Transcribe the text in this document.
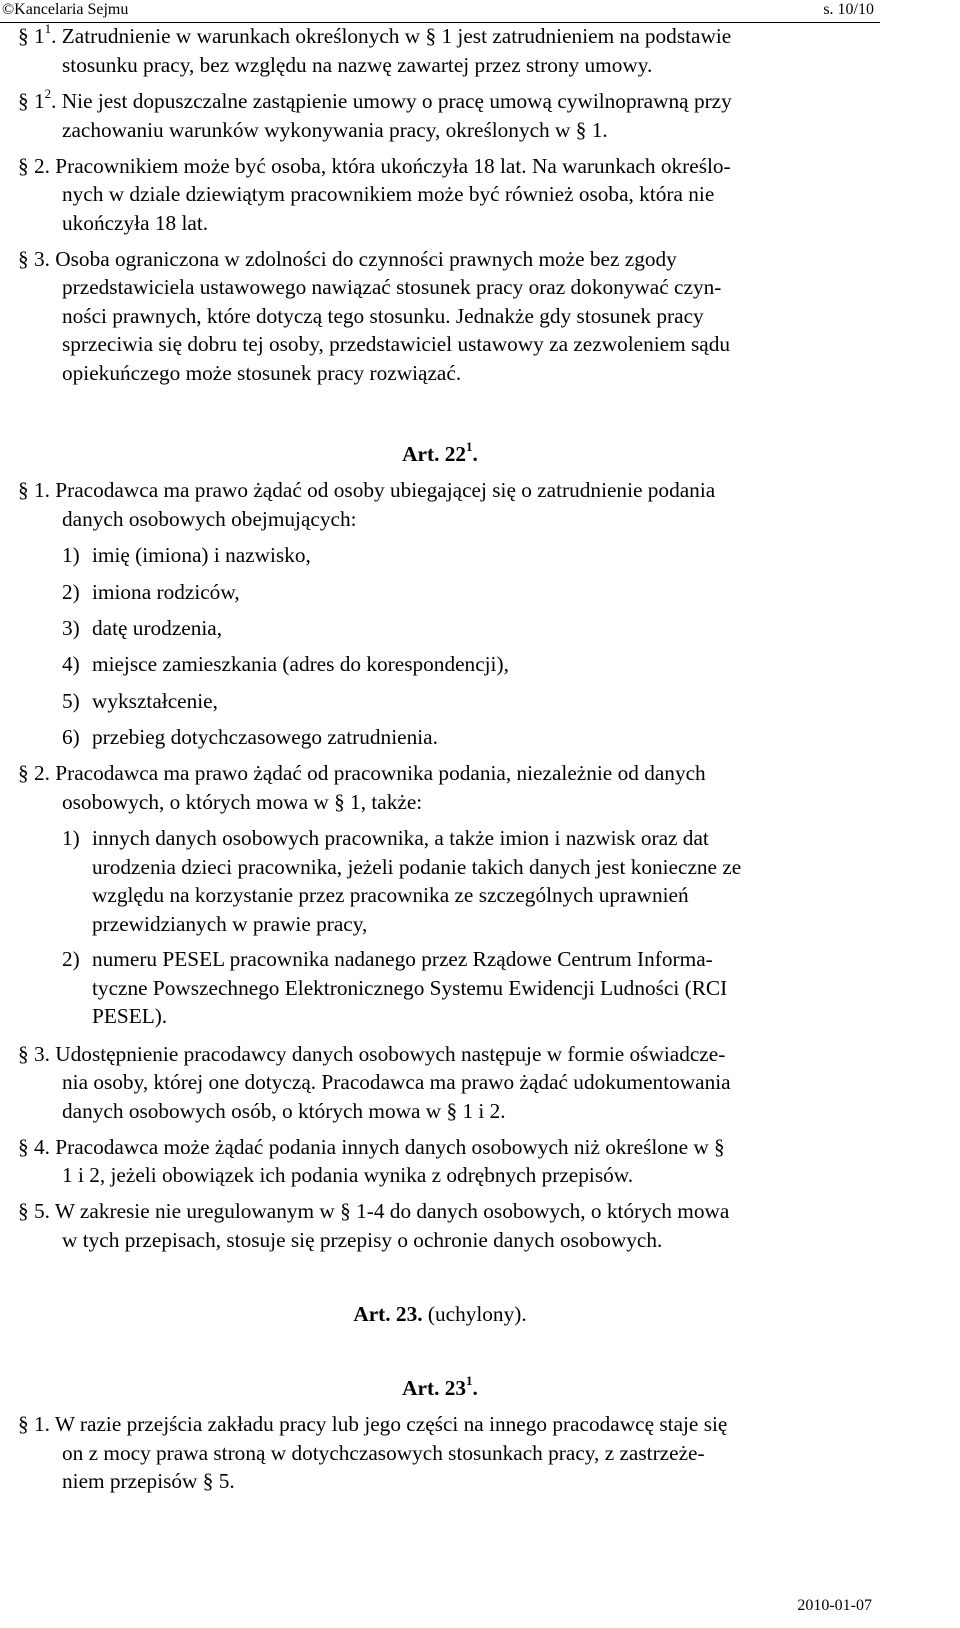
©Kancelaria Sejmu	s. 10/10
§ $1^1$. Zatrudnienie w warunkach określonych w § 1 jest zatrudnieniem na podstawie
stosunku pracy, bez względu na nazwę zawartej przez strony umowy.
§ $1^2$. Nie jest dopuszczalne zastąpienie umowy o pracę umową cywilnoprawną przy
zachowaniu warunków wykonywania pracy, określonych w § 1.
§ 2. Pracownikiem może być osoba, która ukończyła 18 lat. Na warunkach określo-
nych w dziale dziewiątym pracownikiem może być również osoba, która nie
ukończyła 18 lat.
§ 3. Osoba ograniczona w zdolności do czynności prawnych może bez zgody
przedstawiciela ustawowego nawiązać stosunek pracy oraz dokonywać czyn-
ności prawnych, które dotyczą tego stosunku. Jednakże gdy stosunek pracy
sprzeciwia się dobru tej osoby, przedstawiciel ustawowy za zezwoleniem sądu
opiekuńczego może stosunek pracy rozwiązać.
Art. $22^1$.
§ 1. Pracodawca ma prawo żądać od osoby ubiegającej się o zatrudnienie podania
danych osobowych obejmujących:
1) imię (imiona) i nazwisko,
2) imiona rodziców,
3) datę urodzenia,
4) miejsce zamieszkania (adres do korespondencji),
5) wykształcenie,
6) przebieg dotychczasowego zatrudnienia.
§ 2. Pracodawca ma prawo żądać od pracownika podania, niezależnie od danych
osobowych, o których mowa w § 1, także:
1) innych danych osobowych pracownika, a także imion i nazwisk oraz dat
urodzenia dzieci pracownika, jeżeli podanie takich danych jest konieczne ze
względu na korzystanie przez pracownika ze szczególnych uprawnień
przewidzianych w prawie pracy,
2) numeru PESEL pracownika nadanego przez Rządowe Centrum Informa-
tyczne Powszechnego Elektronicznego Systemu Ewidencji Ludności (RCI
PESEL).
§ 3. Udostępnienie pracodawcy danych osobowych następuje w formie oświadcze-
nia osoby, której one dotyczą. Pracodawca ma prawo żądać udokumentowania
danych osobowych osób, o których mowa w § 1 i 2.
§ 4. Pracodawca może żądać podania innych danych osobowych niż określone w §
1 i 2, jeżeli obowiązek ich podania wynika z odrębnych przepisów.
§ 5. W zakresie nie uregulowanym w § 1-4 do danych osobowych, o których mowa
w tych przepisach, stosuje się przepisy o ochronie danych osobowych.
Art. 23. (uchylony).
Art. $23^1$.
§ 1. W razie przejścia zakładu pracy lub jego części na innego pracodawcę staje się
on z mocy prawa stroną w dotychczasowych stosunkach pracy, z zastrzeże-
niem przepisów § 5.
2010-01-07
